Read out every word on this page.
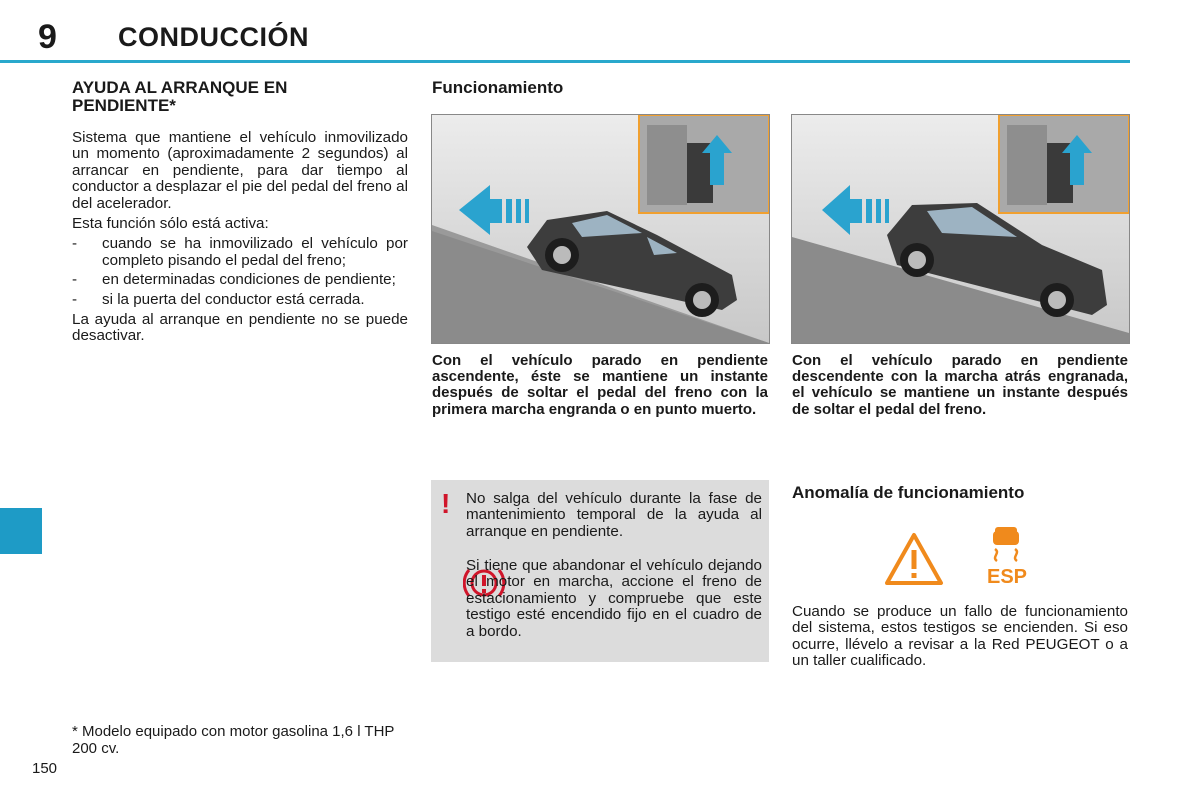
9 CONDUCCIÓN
AYUDA AL ARRANQUE EN PENDIENTE*

Sistema que mantiene el vehículo inmovilizado un momento (aproximadamente 2 segundos) al arrancar en pendiente, para dar tiempo al conductor a desplazar el pie del pedal del freno al del acelerador.

Esta función sólo está activa:

- cuando se ha inmovilizado el vehículo por completo pisando el pedal del freno;
- en determinadas condiciones de pendiente;
- si la puerta del conductor está cerrada.

La ayuda al arranque en pendiente no se puede desactivar.

* Modelo equipado con motor gasolina 1,6 l THP 200 cv.
150
Funcionamiento
Con el vehículo parado en pendiente ascendente, éste se mantiene un instante después de soltar el pedal del freno con la primera marcha engranda o en punto muerto.
! No salga del vehículo durante la fase de mantenimiento temporal de la ayuda al arranque en pendiente.
Si tiene que abandonar el vehículo dejando el motor en marcha, accione el freno de estacionamiento y compruebe que este testigo esté encendido fijo en el cuadro de a bordo.
Con el vehículo parado en pendiente descendente con la marcha atrás engranada, el vehículo se mantiene un instante después de soltar el pedal del freno.
Anomalía de funcionamiento
ESP
Cuando se produce un fallo de funcionamiento del sistema, estos testigos se encienden. Si eso ocurre, llévelo a revisar a la Red PEUGEOT o a un taller cualificado.
